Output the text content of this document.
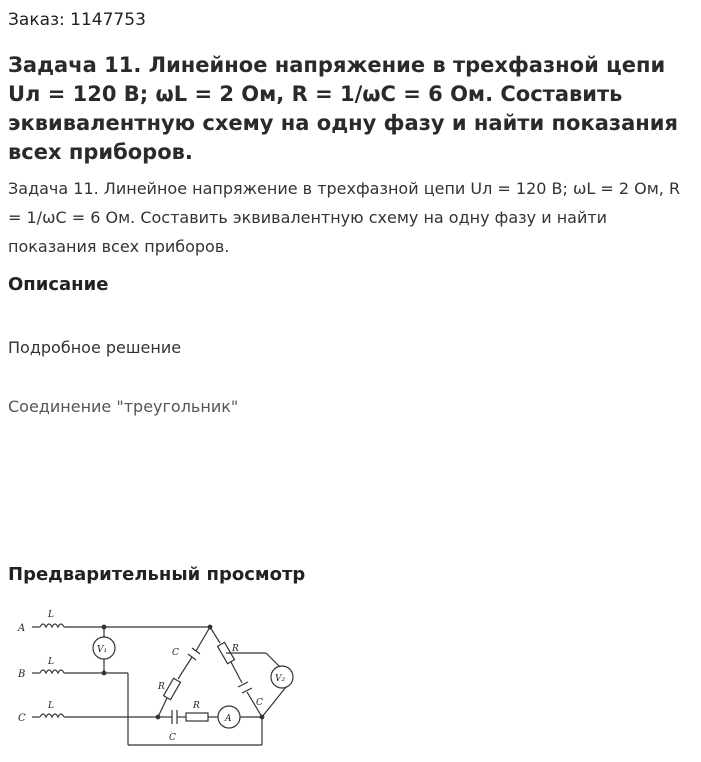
Заказ: 1147753
Задача 11. Линейное напряжение в трехфазной цепи Uл = 120 В; ωL = 2 Ом, R = 1/ωC = 6 Ом. Составить эквивалентную схему на одну фазу и найти показания всех приборов.

Задача 11. Линейное напряжение в трехфазной цепи Uл = 120 В; ωL = 2 Ом, R = 1/ωC = 6 Ом. Составить эквивалентную схему на одну фазу и найти показания всех приборов.

Описание

Подробное решение

Соединение "треугольник"

Предварительный просмотр
A
L
B
L
C
L
V₁	C
R
R
C
V₂
C
R
A
